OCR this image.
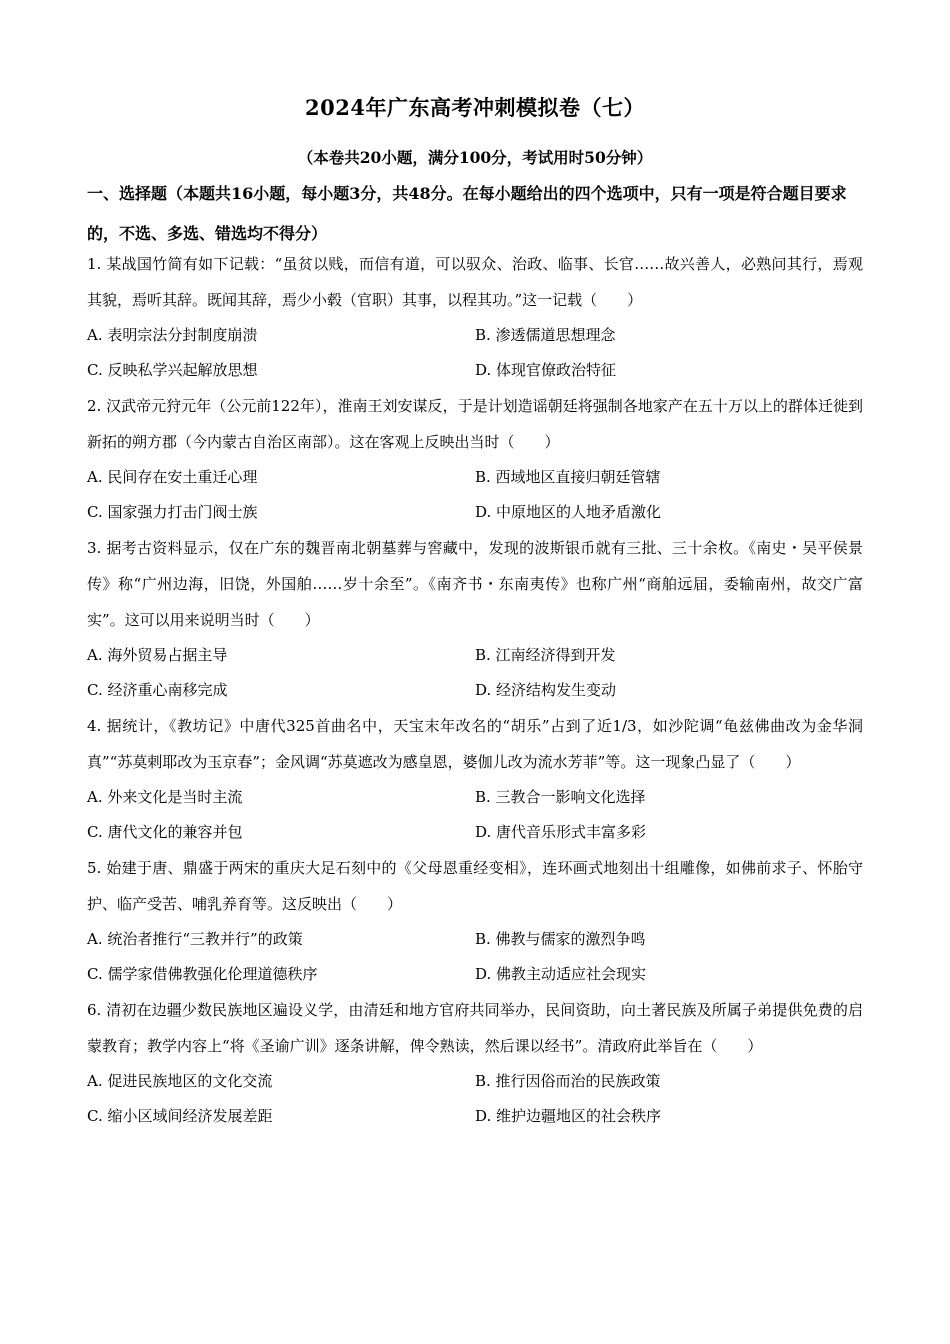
2024年广东高考冲刺模拟卷（七）
（本卷共20小题，满分100分，考试用时50分钟）
一、选择题（本题共16小题，每小题3分，共48分。在每小题给出的四个选项中，只有一项是符合题目要求的，不选、多选、错选均不得分）
1. 某战国竹简有如下记载：“虽贫以贱，而信有道，可以驭众、治政、临事、长官……故兴善人，必熟问其行，焉观其貌，焉听其辞。既闻其辞，焉少小毂（官职）其事，以程其功。”这一记载（　　）
A. 表明宗法分封制度崩溃	B. 渗透儒道思想理念
C. 反映私学兴起解放思想	D. 体现官僚政治特征
2. 汉武帝元狩元年（公元前122年），淮南王刘安谋反，于是计划造谣朝廷将强制各地家产在五十万以上的群体迁徙到新拓的朔方郡（今内蒙古自治区南部）。这在客观上反映出当时（　　）
A. 民间存在安土重迁心理	B. 西域地区直接归朝廷管辖
C. 国家强力打击门阀士族	D. 中原地区的人地矛盾激化
3. 据考古资料显示，仅在广东的魏晋南北朝墓葬与窖藏中，发现的波斯银币就有三批、三十余枚。《南史・吴平侯景传》称“广州边海，旧饶，外国舶……岁十余至”。《南齐书・东南夷传》也称广州“商舶远届，委输南州，故交广富实”。这可以用来说明当时（　　）
A. 海外贸易占据主导	B. 江南经济得到开发
C. 经济重心南移完成	D. 经济结构发生变动
4. 据统计，《教坊记》中唐代325首曲名中，天宝末年改名的“胡乐”占到了近1/3，如沙陀调“龟兹佛曲改为金华洞真”“苏莫剌耶改为玉京春”；金风调“苏莫遮改为感皇恩，婆伽儿改为流水芳菲”等。这一现象凸显了（　　）
A. 外来文化是当时主流	B. 三教合一影响文化选择
C. 唐代文化的兼容并包	D. 唐代音乐形式丰富多彩
5. 始建于唐、鼎盛于两宋的重庆大足石刻中的《父母恩重经变相》，连环画式地刻出十组雕像，如佛前求子、怀胎守护、临产受苦、哺乳养育等。这反映出（　　）
A. 统治者推行“三教并行”的政策	B. 佛教与儒家的激烈争鸣
C. 儒学家借佛教强化伦理道德秩序	D. 佛教主动适应社会现实
6. 清初在边疆少数民族地区遍设义学，由清廷和地方官府共同举办，民间资助，向土著民族及所属子弟提供免费的启蒙教育；教学内容上“将《圣谕广训》逐条讲解，俾令熟读，然后课以经书”。清政府此举旨在（　　）
A. 促进民族地区的文化交流	B. 推行因俗而治的民族政策
C. 缩小区域间经济发展差距	D. 维护边疆地区的社会秩序
